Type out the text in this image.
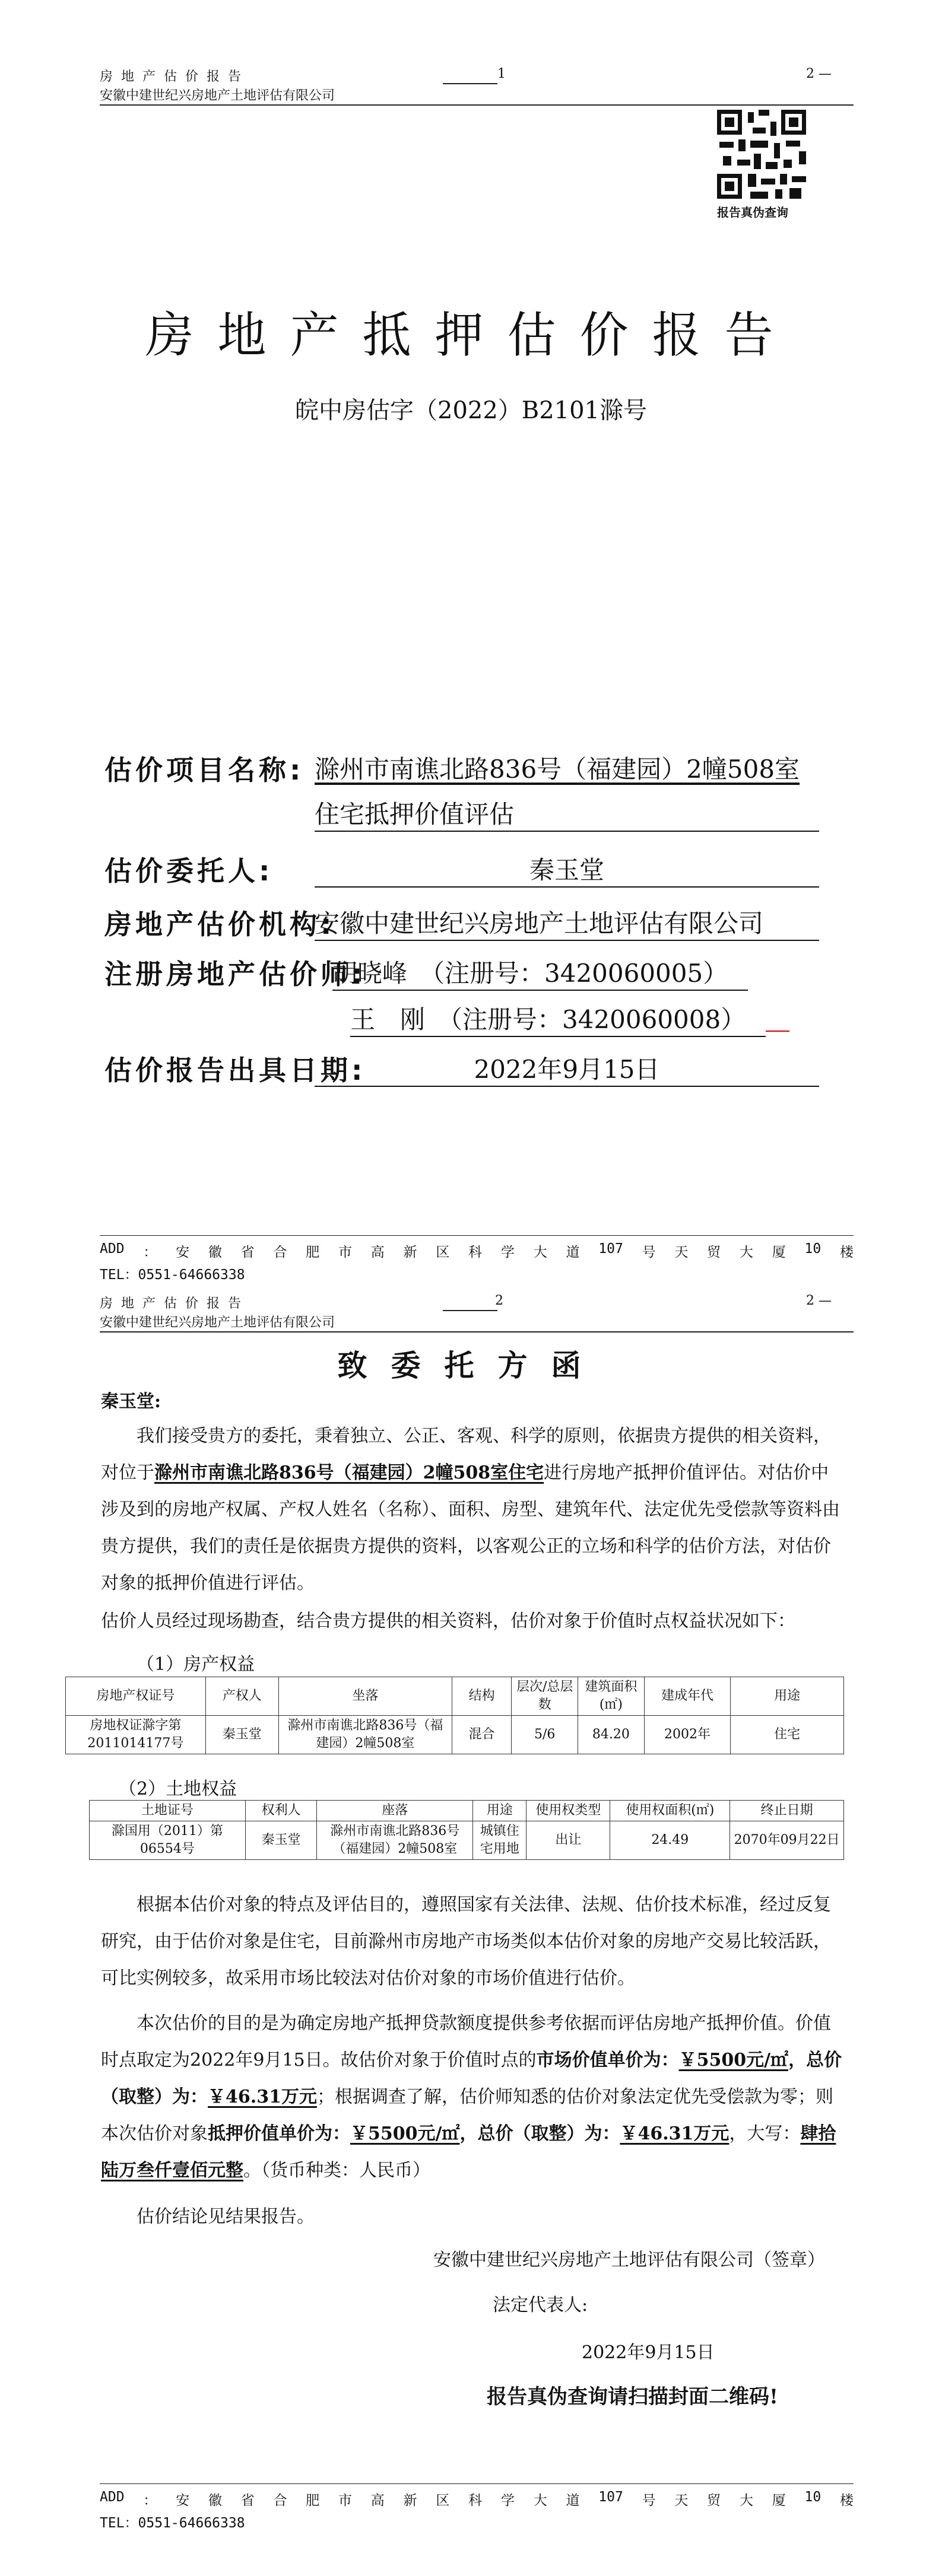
房地产估价报告
安徽中建世纪兴房地产土地评估有限公司
1	2 —
报告真伪查询
房地产抵押估价报告
皖中房估字（2022）B2101滁号
估价项目名称: 滁州市南谯北路836号（福建园）2幢508室
住宅抵押价值评估
估价委托人:	秦玉堂
房地产估价机构:
安徽中建世纪兴房地产土地评估有限公司
注册房地产估价师:
胡晓峰　（注册号：3420060005）
王　刚　（注册号：3420060008）
估价报告出具日期:	2022年9月15日
ADD ： 安 徽 省 合 肥 市 高 新 区 科 学 大 道 107 号 天 贸 大 厦 10 楼
TEL：0551-64666338
房地产估价报告
安徽中建世纪兴房地产土地评估有限公司
2	2 —
致委托方函
秦玉堂:
我们接受贵方的委托，秉着独立、公正、客观、科学的原则，依据贵方提供的相关资料，对位于滁州市南谯北路836号（福建园）2幢508室住宅进行房地产抵押价值评估。对估价中涉及到的房地产权属、产权人姓名（名称）、面积、房型、建筑年代、法定优先受偿款等资料由贵方提供，我们的责任是依据贵方提供的资料，以客观公正的立场和科学的估价方法，对估价对象的抵押价值进行评估。
估价人员经过现场勘查，结合贵方提供的相关资料，估价对象于价值时点权益状况如下：
（1）房产权益
房地产权证号	产权人	坐落	结构	层次/总层数	建筑面积(㎡)	建成年代	用途
房地权证滁字第2011014177号	秦玉堂	滁州市南谯北路836号（福建园）2幢508室	混合	5/6	84.20	2002年	住宅
（2）土地权益
土地证号	权利人	座落	用途	使用权类型	使用权面积(㎡)	终止日期
滁国用（2011）第06554号	秦玉堂	滁州市南谯北路836号（福建园）2幢508室	城镇住宅用地	出让	24.49	2070年09月22日
根据本估价对象的特点及评估目的，遵照国家有关法律、法规、估价技术标准，经过反复研究，由于估价对象是住宅，目前滁州市房地产市场类似本估价对象的房地产交易比较活跃，可比实例较多，故采用市场比较法对估价对象的市场价值进行估价。
本次估价的目的是为确定房地产抵押贷款额度提供参考依据而评估房地产抵押价值。价值时点取定为2022年9月15日。故估价对象于价值时点的市场价值单价为：￥5500元/㎡，总价（取整）为：￥46.31万元；根据调查了解，估价师知悉的估价对象法定优先受偿款为零；则本次估价对象抵押价值单价为：￥5500元/㎡，总价（取整）为：￥46.31万元，大写：肆拾陆万叁仟壹佰元整。（货币种类：人民币）
估价结论见结果报告。
安徽中建世纪兴房地产土地评估有限公司（签章）
法定代表人:
2022年9月15日
报告真伪查询请扫描封面二维码!
ADD ： 安 徽 省 合 肥 市 高 新 区 科 学 大 道 107 号 天 贸 大 厦 10 楼
TEL：0551-64666338
